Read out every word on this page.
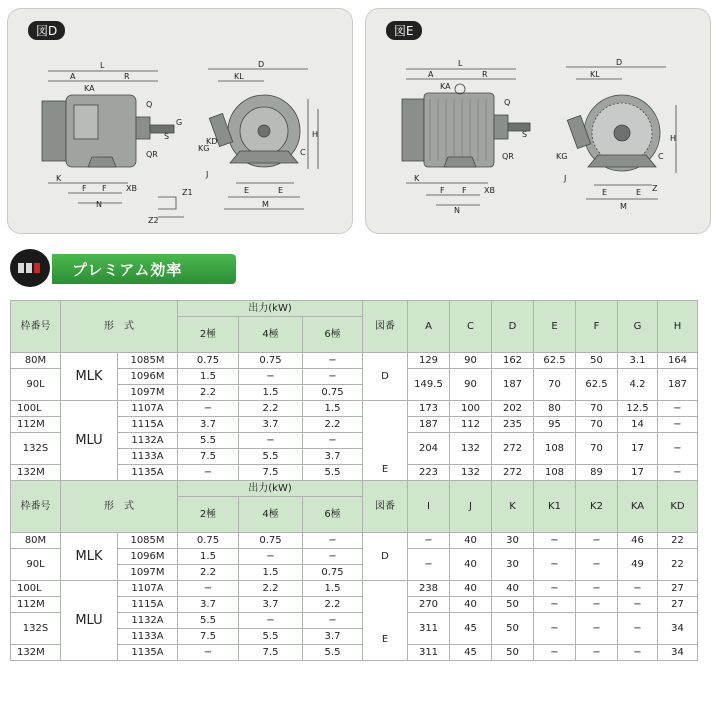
図D
L
A	R
KA
Q
G
S
QR
KG
KD
K
F F
N
XB	Z1
Z2
KL
D
C
H
J
E	E
M
図E
L
A	R
KA
Q
S
QR
K
F F
N
XB
KL
D
KG	C
H
J
Z
E	E
M
プレミアム効率
枠番号	形　式		出力(kW)			図番	A	C	D	E	F	G	H
			2極	4極	6極								
80M	MLK	1085M	0.75	0.75	−	D	129	90	162	62.5	50	3.1	164
90L		1096M	1.5	−	−		149.5	90	187	70	62.5	4.2	187
		1097M	2.2	1.5	0.75								
100L	MLU	1107A	−	2.2	1.5	E	173	100	202	80	70	12.5	−
112M		1115A	3.7	3.7	2.2		187	112	235	95	70	14	−
132S		1132A	5.5	−	−		204	132	272	108	70	17	−
		1133A	7.5	5.5	3.7								
132M		1135A	−	7.5	5.5		223	132	272	108	89	17	−
枠番号	形　式		出力(kW)			図番	I	J	K	K1	K2	KA	KD
			2極	4極	6極								
80M	MLK	1085M	0.75	0.75	−	D	−	40	30	−	−	46	22
90L		1096M	1.5	−	−		−	40	30	−	−	49	22
		1097M	2.2	1.5	0.75								
100L	MLU	1107A	−	2.2	1.5	E	238	40	40	−	−	−	27
112M		1115A	3.7	3.7	2.2		270	40	50	−	−	−	27
132S		1132A	5.5	−	−		311	45	50	−	−	−	34
		1133A	7.5	5.5	3.7								
132M		1135A	−	7.5	5.5		311	45	50	−	−	−	34
